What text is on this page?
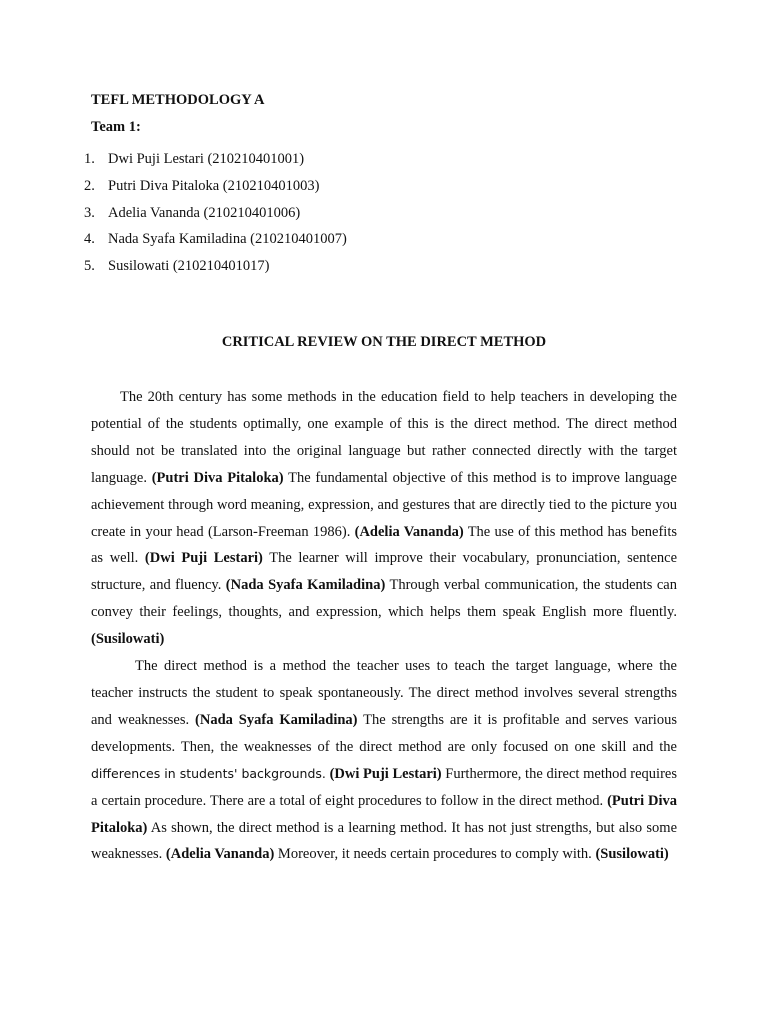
TEFL METHODOLOGY A

Team 1:

1. Dwi Puji Lestari (210210401001)
2. Putri Diva Pitaloka (210210401003)
3. Adelia Vananda (210210401006)
4. Nada Syafa Kamiladina (210210401007)
5. Susilowati (210210401017)

CRITICAL REVIEW ON THE DIRECT METHOD

The 20th century has some methods in the education field to help teachers in developing the potential of the students optimally, one example of this is the direct method. The direct method should not be translated into the original language but rather connected directly with the target language. (Putri Diva Pitaloka) The fundamental objective of this method is to improve language achievement through word meaning, expression, and gestures that are directly tied to the picture you create in your head (Larson-Freeman 1986). (Adelia Vananda) The use of this method has benefits as well. (Dwi Puji Lestari) The learner will improve their vocabulary, pronunciation, sentence structure, and fluency. (Nada Syafa Kamiladina) Through verbal communication, the students can convey their feelings, thoughts, and expression, which helps them speak English more fluently. (Susilowati)

The direct method is a method the teacher uses to teach the target language, where the teacher instructs the student to speak spontaneously. The direct method involves several strengths and weaknesses. (Nada Syafa Kamiladina) The strengths are it is profitable and serves various developments. Then, the weaknesses of the direct method are only focused on one skill and the differences in students' backgrounds. (Dwi Puji Lestari) Furthermore, the direct method requires a certain procedure. There are a total of eight procedures to follow in the direct method. (Putri Diva Pitaloka) As shown, the direct method is a learning method. It has not just strengths, but also some weaknesses. (Adelia Vananda) Moreover, it needs certain procedures to comply with. (Susilowati)
